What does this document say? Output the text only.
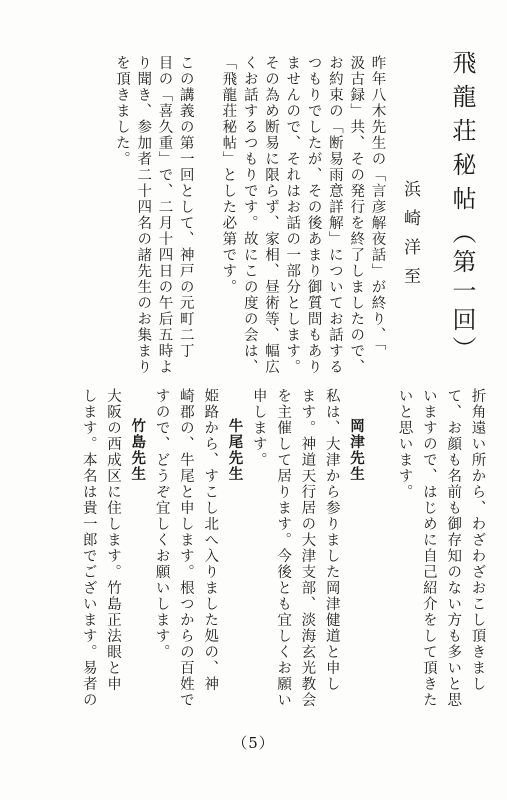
飛龍荘秘帖（第一回）
浜崎洋至
昨年八木先生の「言彦解夜話」が終り、「
汲古録」共、その発行を終了しましたので、
お約束の「断易雨意詳解」についてお話する
つもりでしたが、その後あまり御質問もあり
ませんので、それはお話の一部分とします。
その為め断易に限らず、家相、昼術等、幅広
くお話するつもりです。故にこの度の会は、
「飛龍荘秘帖」とした必第です。
この講義の第一回として、神戸の元町二丁
目の「喜久重」で、二月十四日の午后五時よ
り聞き、参加者二十四名の諸先生のお集まり
を頂きました。
折角遠い所から、わざわざおこし頂きまし
て、お顔も名前も御存知のない方も多いと思
いますので、はじめに自己紹介をして頂きた
いと思います。
岡津先生
私は、大津から参りました岡津健道と申し
ます。神道天行居の大津支部、淡海玄光教会
を主催して居ります。今後とも宜しくお願い
申します。
牛尾先生
姫路から、すこし北へ入りました処の、神
崎郡の、牛尾と申します。根つからの百姓で
すので、どうぞ宜しくお願いします。
竹島先生
大阪の西成区に住します。竹島正法眼と申
します。本名は貴一郎でございます。易者の
（5）
